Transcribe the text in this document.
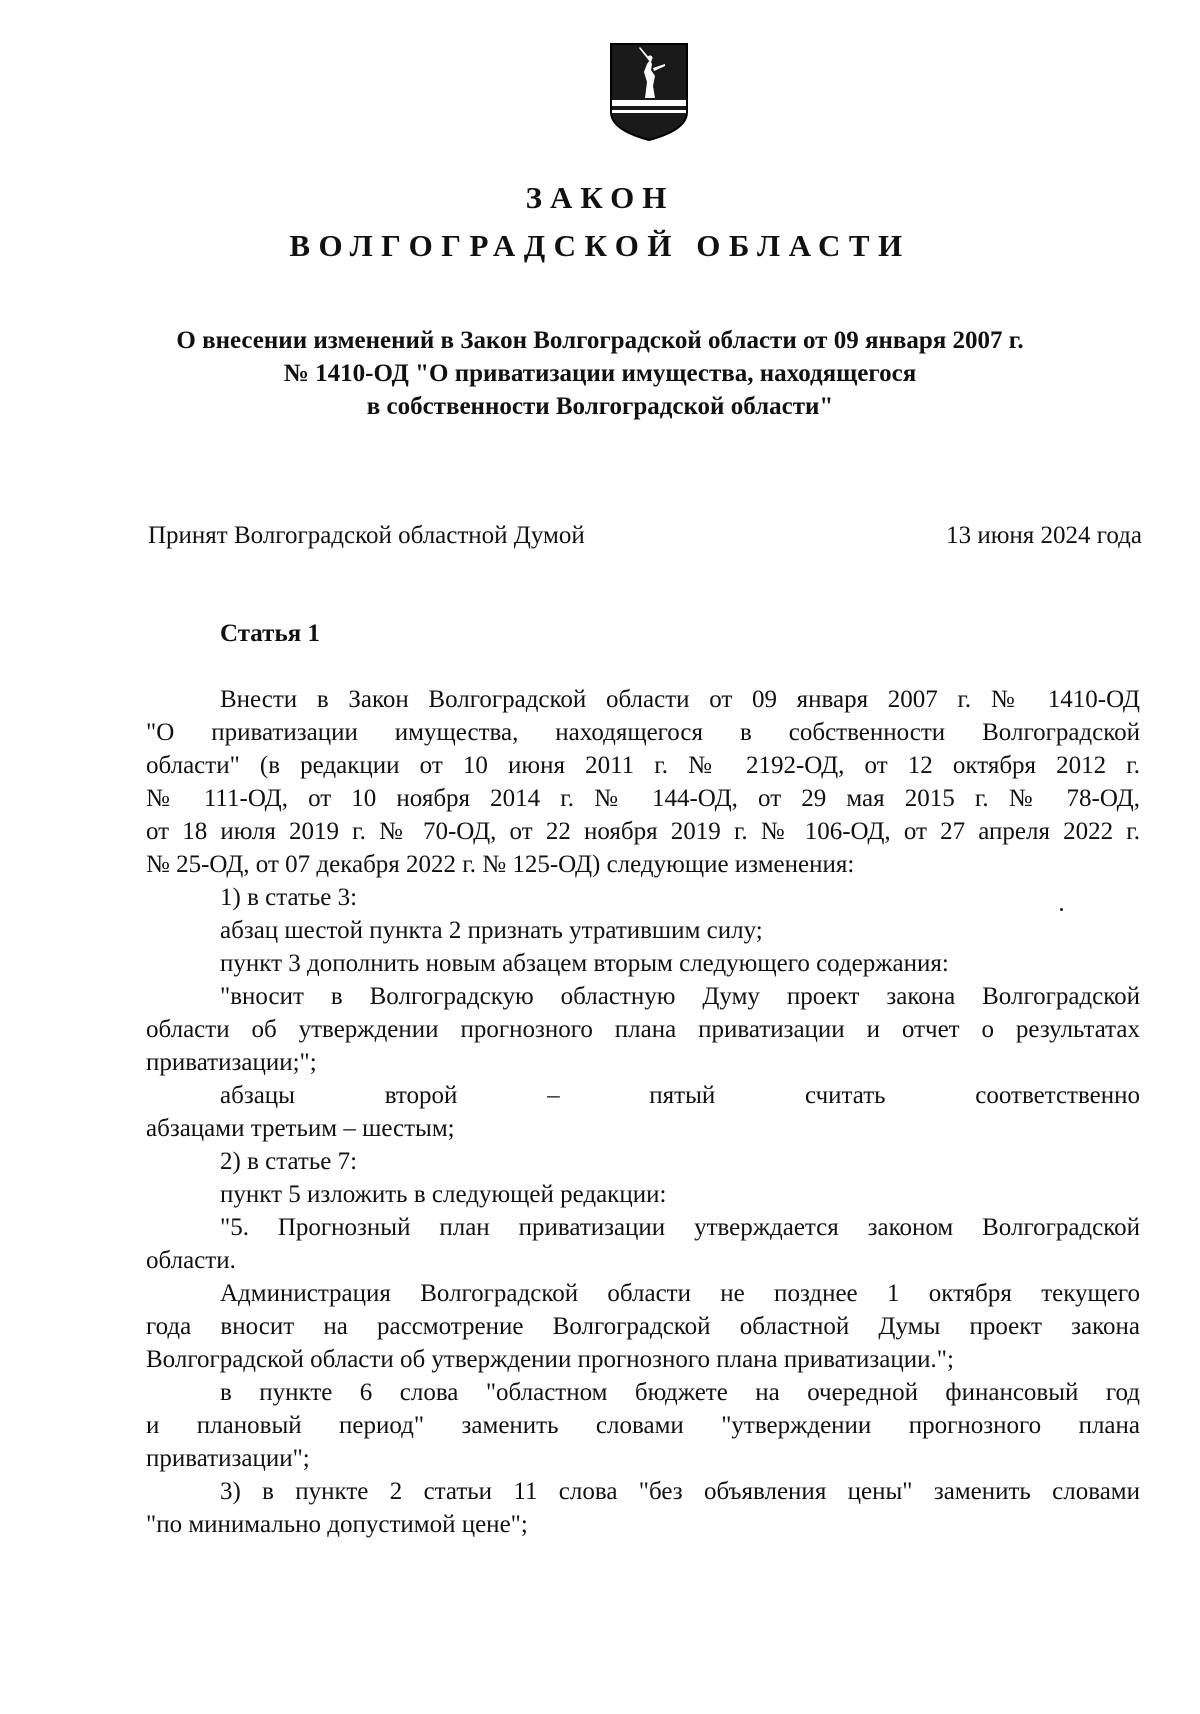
ЗАКОН
ВОЛГОГРАДСКОЙ ОБЛАСТИ
О внесении изменений в Закон Волгоградской области от 09 января 2007 г.
№ 1410-ОД "О приватизации имущества, находящегося
в собственности Волгоградской области"
Принят Волгоградской областной Думой	13 июня 2024 года
Статья 1
Внести в Закон Волгоградской области от 09 января 2007 г. № 1410-ОД
"О приватизации имущества, находящегося в собственности Волгоградской
области" (в редакции от 10 июня 2011 г. № 2192-ОД, от 12 октября 2012 г.
№ 111-ОД, от 10 ноября 2014 г. № 144-ОД, от 29 мая 2015 г. № 78-ОД,
от 18 июля 2019 г. № 70-ОД, от 22 ноября 2019 г. № 106-ОД, от 27 апреля 2022 г.
№ 25-ОД, от 07 декабря 2022 г. № 125-ОД) следующие изменения:
1) в статье 3:
абзац шестой пункта 2 признать утратившим силу;
пункт 3 дополнить новым абзацем вторым следующего содержания:
"вносит в Волгоградскую областную Думу проект закона Волгоградской
области об утверждении прогнозного плана приватизации и отчет о результатах
приватизации;";
абзацы второй – пятый считать соответственно
абзацами третьим – шестым;
2) в статье 7:
пункт 5 изложить в следующей редакции:
"5. Прогнозный план приватизации утверждается законом Волгоградской
области.
Администрация Волгоградской области не позднее 1 октября текущего
года вносит на рассмотрение Волгоградской областной Думы проект закона
Волгоградской области об утверждении прогнозного плана приватизации.";
в пункте 6 слова "областном бюджете на очередной финансовый год
и плановый период" заменить словами "утверждении прогнозного плана
приватизации";
3) в пункте 2 статьи 11 слова "без объявления цены" заменить словами
"по минимально допустимой цене";
